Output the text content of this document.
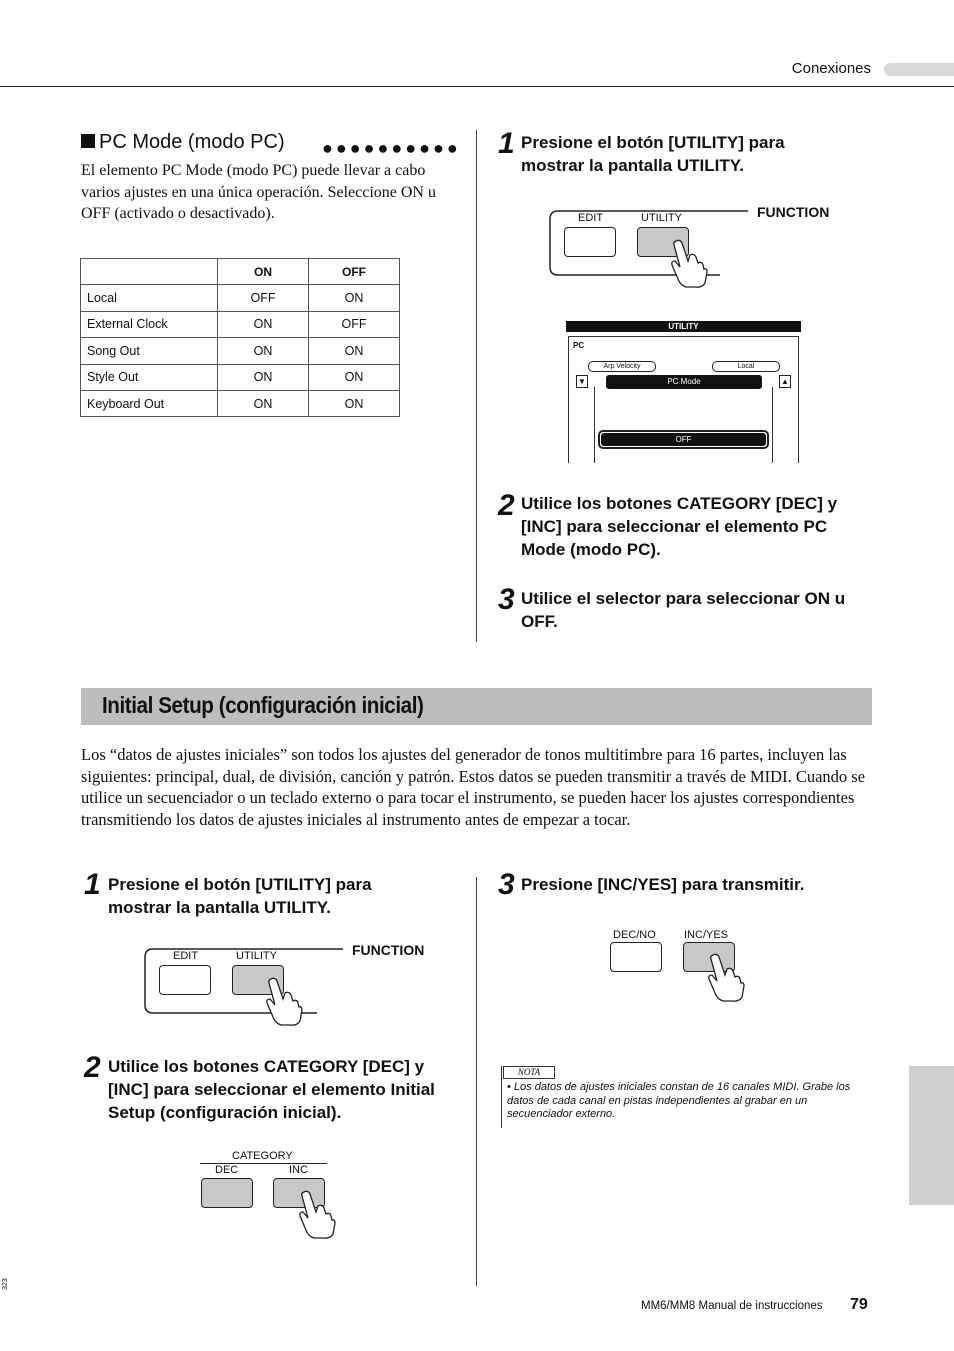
Conexiones
PC Mode (modo PC) ●●●●●●●●●●
El elemento PC Mode (modo PC) puede llevar a cabo varios ajustes en una única operación. Seleccione ON u OFF (activado o desactivado).
	ON	OFF
Local	OFF	ON
External Clock	ON	OFF
Song Out	ON	ON
Style Out	ON	ON
Keyboard Out	ON	ON
1 Presione el botón [UTILITY] para mostrar la pantalla UTILITY.
EDIT	UTILITY	FUNCTION
UTILITY
PC
Arp Velocity	Local
▼	▲
PC Mode
OFF
2 Utilice los botones CATEGORY [DEC] y [INC] para seleccionar el elemento PC Mode (modo PC).
3 Utilice el selector para seleccionar ON u OFF.
Initial Setup (configuración inicial)
Los “datos de ajustes iniciales” son todos los ajustes del generador de tonos multitimbre para 16 partes, incluyen las siguientes: principal, dual, de división, canción y patrón. Estos datos se pueden transmitir a través de MIDI. Cuando se utilice un secuenciador o un teclado externo o para tocar el instrumento, se pueden hacer los ajustes correspondientes transmitiendo los datos de ajustes iniciales al instrumento antes de empezar a tocar.
1 Presione el botón [UTILITY] para mostrar la pantalla UTILITY.
EDIT	UTILITY	FUNCTION
2 Utilice los botones CATEGORY [DEC] y [INC] para seleccionar el elemento Initial Setup (configuración inicial).
CATEGORY
DEC	INC
3 Presione [INC/YES] para transmitir.
DEC/NO	INC/YES
NOTA
• Los datos de ajustes iniciales constan de 16 canales MIDI. Grabe los datos de cada canal en pistas independientes al grabar en un secuenciador externo.
323
MM6/MM8 Manual de instrucciones 79
